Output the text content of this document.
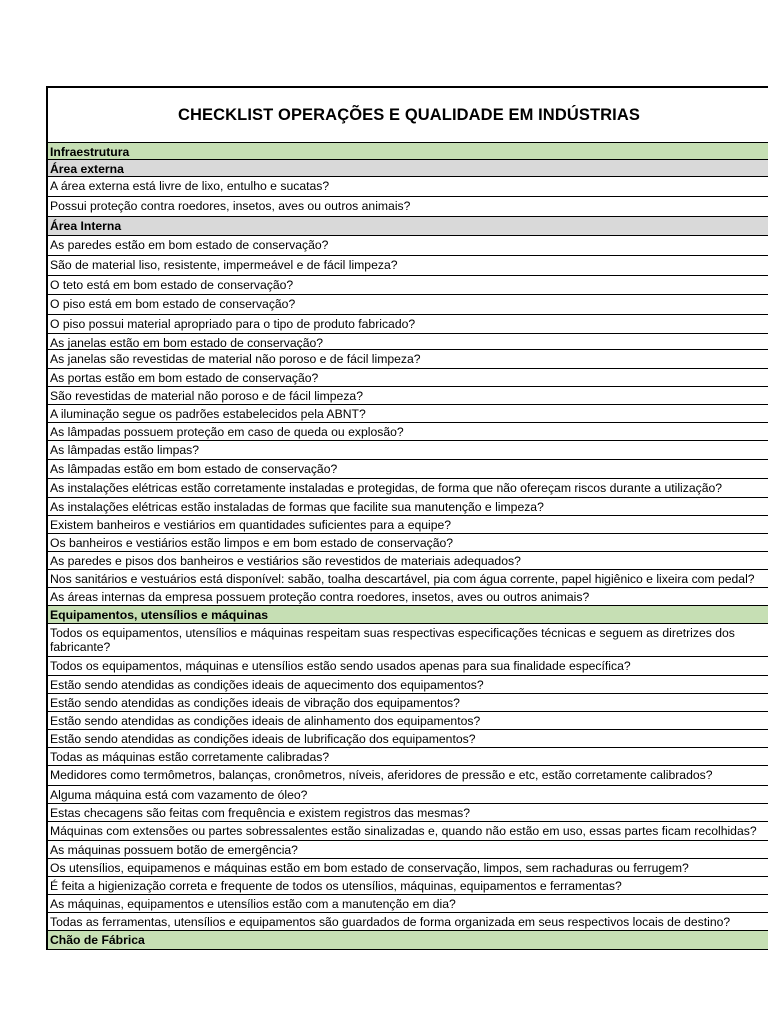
CHECKLIST OPERAÇÕES E QUALIDADE EM INDÚSTRIAS
Infraestrutura
Área externa
A área externa está livre de lixo, entulho e sucatas?
Possui proteção contra roedores, insetos, aves ou outros animais?
Área Interna
As paredes estão em bom estado de conservação?
São de material liso, resistente, impermeável e de fácil limpeza?
O teto está em bom estado de conservação?
O piso está em bom estado de conservação?
O piso possui material apropriado para o tipo de produto fabricado?
As janelas estão em bom estado de conservação?
As janelas são revestidas de material não poroso e de fácil limpeza?
As portas estão em bom estado de conservação?
São revestidas de material não poroso e de fácil limpeza?
A iluminação segue os padrões estabelecidos pela ABNT?
As lâmpadas possuem proteção em caso de queda ou explosão?
As lâmpadas estão limpas?
As lâmpadas estão em bom estado de conservação?
As instalações elétricas estão corretamente instaladas e protegidas, de forma que não ofereçam riscos durante a utilização?
As instalações elétricas estão instaladas de formas que facilite sua manutenção e limpeza?
Existem banheiros e vestiários em quantidades suficientes para a equipe?
Os banheiros e vestiários estão limpos e em bom estado de conservação?
As paredes e pisos dos banheiros e vestiários são revestidos de materiais adequados?
Nos sanitários e vestuários está disponível: sabão, toalha descartável, pia com água corrente, papel higiênico e lixeira com pedal?
As áreas internas da empresa possuem proteção contra roedores, insetos, aves ou outros animais?
Equipamentos, utensílios e máquinas
Todos os equipamentos, utensílios e máquinas respeitam suas respectivas especificações técnicas e seguem as diretrizes dos fabricante?
Todos os equipamentos, máquinas e utensílios estão sendo usados apenas para sua finalidade específica?
Estão sendo atendidas as condições ideais de aquecimento dos equipamentos?
Estão sendo atendidas as condições ideais de vibração dos equipamentos?
Estão sendo atendidas as condições ideais de alinhamento dos equipamentos?
Estão sendo atendidas as condições ideais de lubrificação dos equipamentos?
Todas as máquinas estão corretamente calibradas?
Medidores como termômetros, balanças, cronômetros, níveis, aferidores de pressão e etc, estão corretamente calibrados?
Alguma máquina está com vazamento de óleo?
Estas checagens são feitas com frequência e existem registros das mesmas?
Máquinas com extensões ou partes sobressalentes estão sinalizadas e, quando não estão em uso, essas partes ficam recolhidas?
As máquinas possuem botão de emergência?
Os utensílios, equipamenos e máquinas estão em bom estado de conservação, limpos, sem rachaduras ou ferrugem?
É feita a higienização correta e frequente de todos os utensílios, máquinas, equipamentos e ferramentas?
As máquinas, equipamentos e utensílios estão com a manutenção em dia?
Todas as ferramentas, utensílios e equipamentos são guardados de forma organizada em seus respectivos locais de destino?
Chão de Fábrica
